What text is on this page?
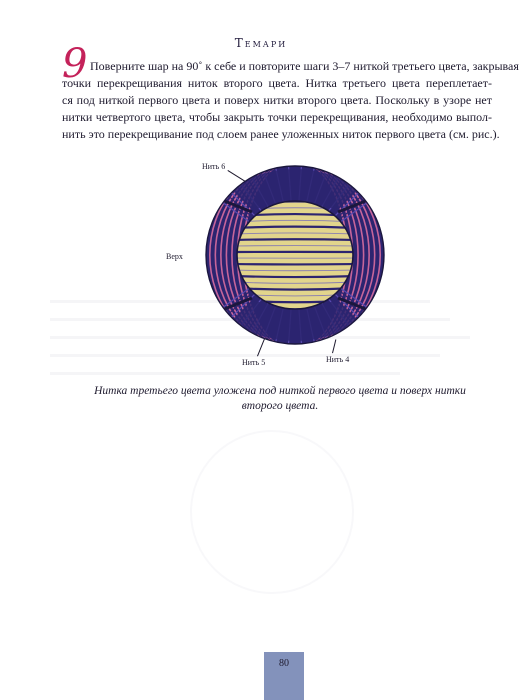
Темари
9 Поверните шар на 90˚ к себе и повторите шаги 3–7 ниткой третьего цвета, закрывая
точки перекрещивания ниток второго цвета. Нитка третьего цвета переплетает-
ся под ниткой первого цвета и поверх нитки второго цвета. Поскольку в узоре нет
нитки четвертого цвета, чтобы закрыть точки перекрещивания, необходимо выпол-
нить это перекрещивание под слоем ранее уложенных ниток первого цвета (см. рис.).
Нить 6
Верх
Нить 5	Нить 4
Нитка третьего цвета уложена под ниткой первого цвета и поверх нитки
второго цвета.
80
